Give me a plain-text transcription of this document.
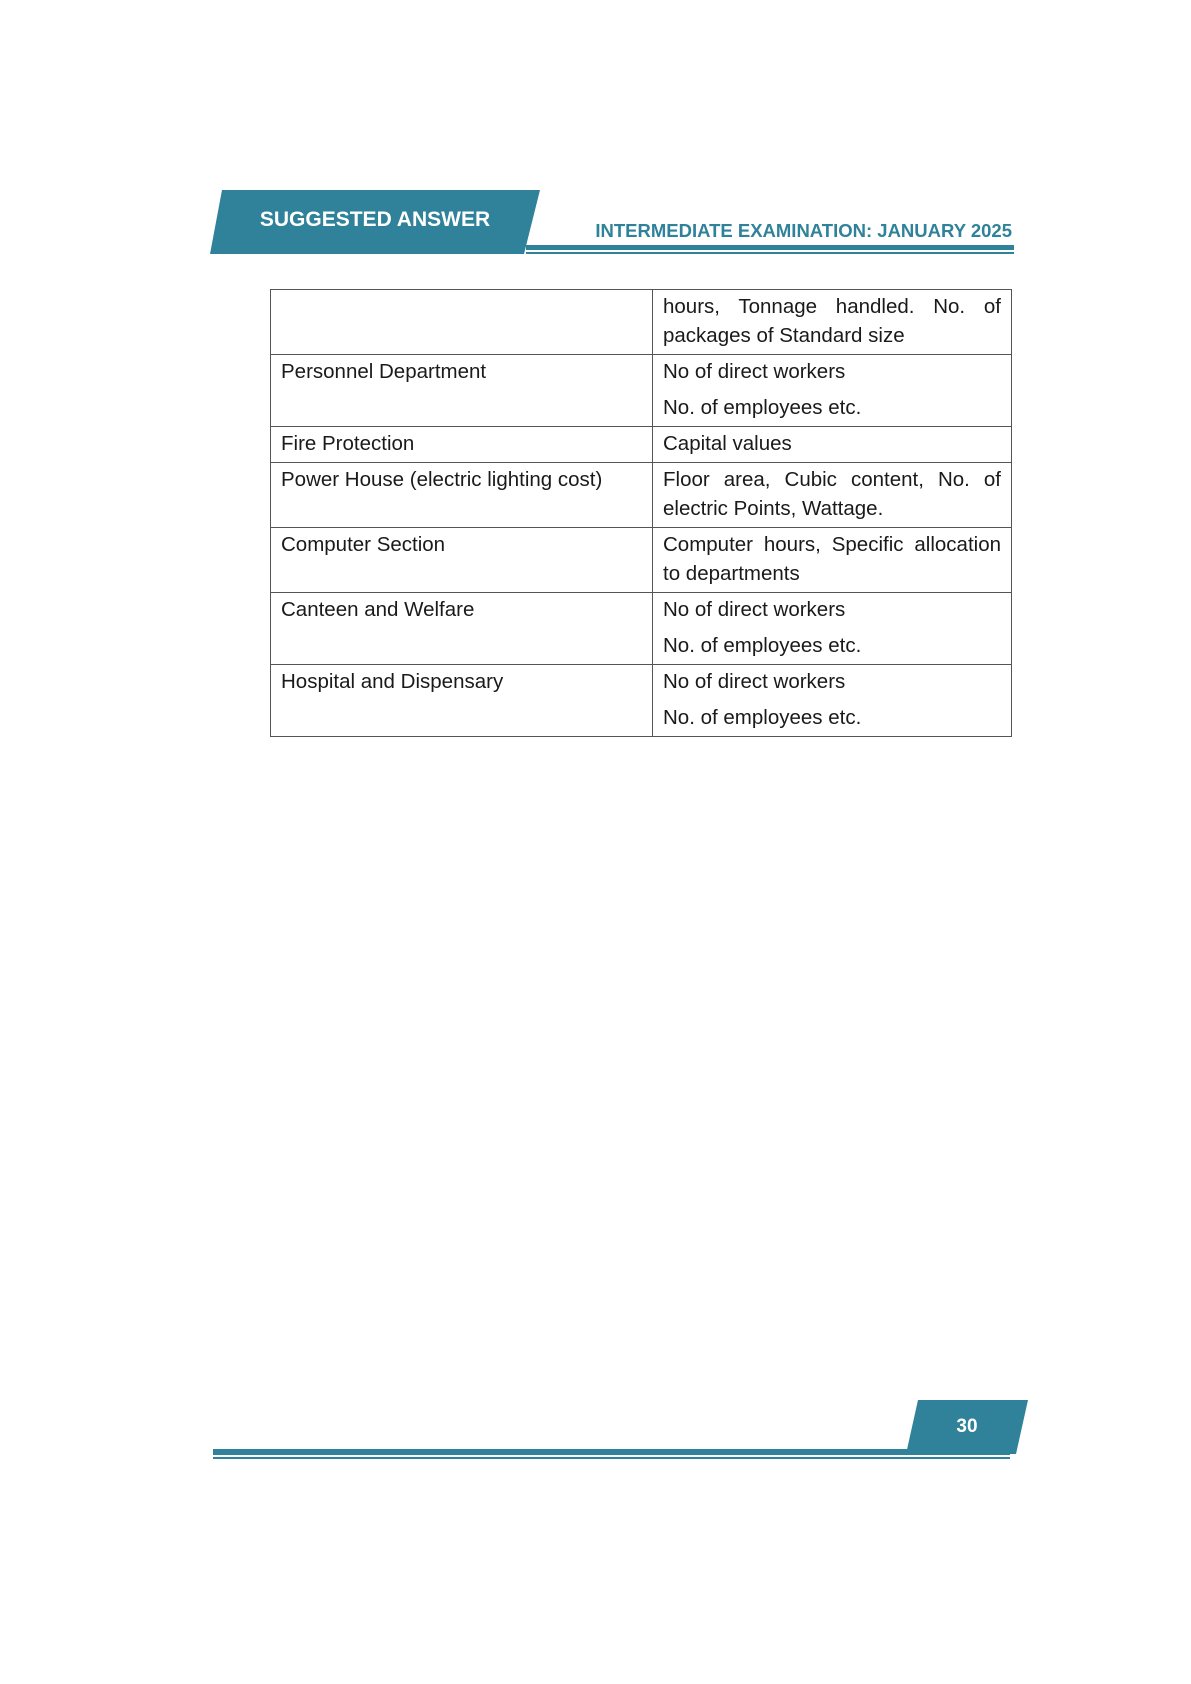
SUGGESTED ANSWER	INTERMEDIATE EXAMINATION: JANUARY 2025

	hours, Tonnage handled. No. of packages of Standard size

Personnel Department	No of direct workers
No. of employees etc.

Fire Protection	Capital values

Power House (electric lighting cost)	Floor area, Cubic content, No. of electric Points, Wattage.

Computer Section	Computer hours, Specific allocation to departments

Canteen and Welfare	No of direct workers
No. of employees etc.

Hospital and Dispensary	No of direct workers
No. of employees etc.
30
